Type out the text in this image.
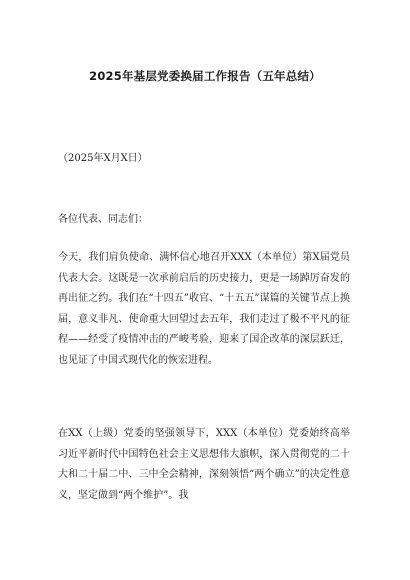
2025年基层党委换届工作报告（五年总结）
（2025年X月X日）
各位代表、同志们：
今天，我们肩负使命、满怀信心地召开XXX（本单位）第X届党员代表大会。这既是一次承前启后的历史接力，更是一场踔厉奋发的再出征之约。我们在“十四五”收官、“十五五”谋篇的关键节点上换届，意义非凡、使命重大回望过去五年，我们走过了极不平凡的征程——经受了疫情冲击的严峻考验，迎来了国企改革的深层跃迁，也见证了中国式现代化的恢宏进程。
在XX（上级）党委的坚强领导下，XXX（本单位）党委始终高举习近平新时代中国特色社会主义思想伟大旗帜，深入贯彻党的二十大和二十届二中、三中全会精神，深刻领悟“两个确立”的决定性意义，坚定做到“两个维护”。我
